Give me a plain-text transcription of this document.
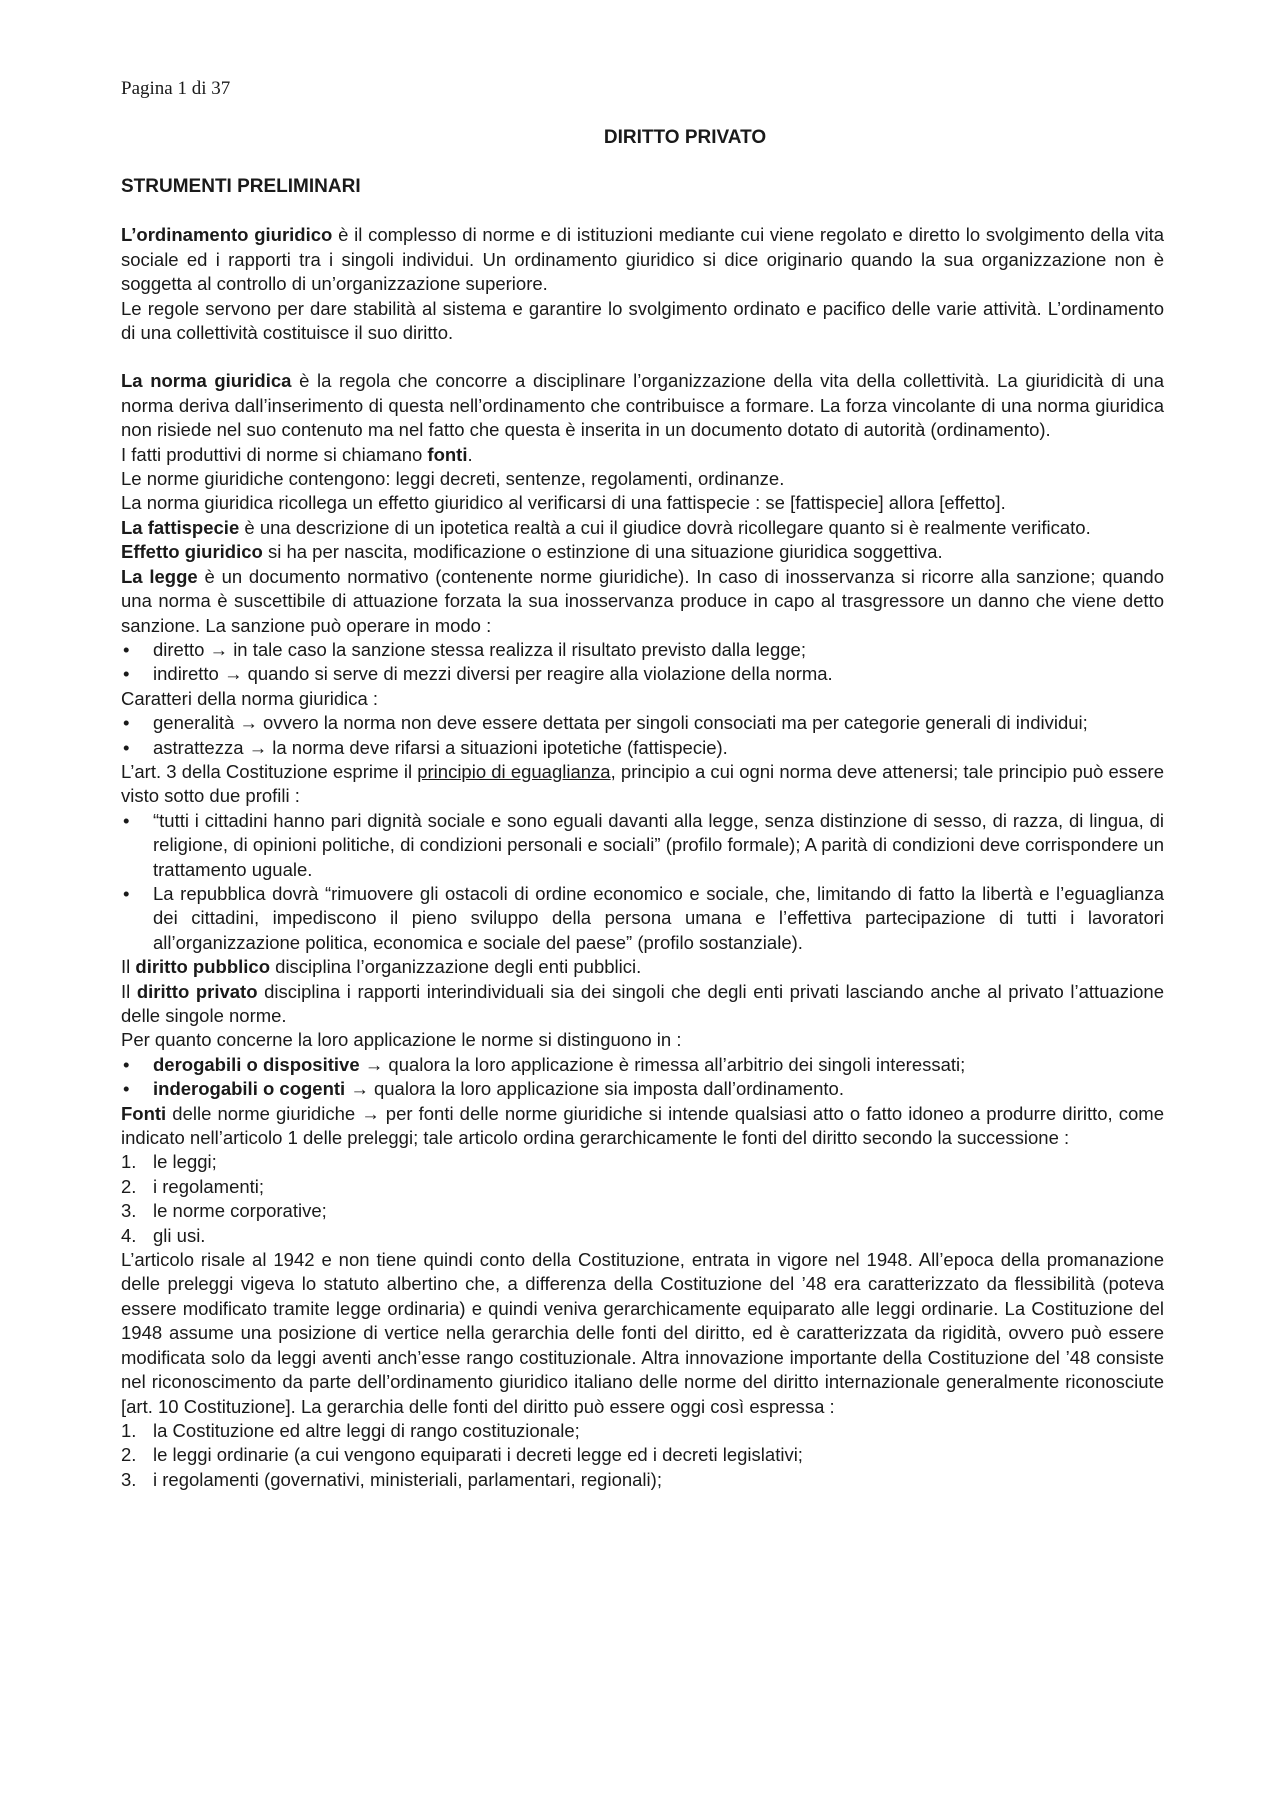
Pagina 1 di 37
DIRITTO PRIVATO
STRUMENTI PRELIMINARI

L’ordinamento giuridico è il complesso di norme e di istituzioni mediante cui viene regolato e diretto lo svolgimento della vita sociale ed i rapporti tra i singoli individui. Un ordinamento giuridico si dice originario quando la sua organizzazione non è soggetta al controllo di un’organizzazione superiore.

Le regole servono per dare stabilità al sistema e garantire lo svolgimento ordinato e pacifico delle varie attività. L’ordinamento di una collettività costituisce il suo diritto.

La norma giuridica è la regola che concorre a disciplinare l’organizzazione della vita della collettività. La giuridicità di una norma deriva dall’inserimento di questa nell’ordinamento che contribuisce a formare. La forza vincolante di una norma giuridica non risiede nel suo contenuto ma nel fatto che questa è inserita in un documento dotato di autorità (ordinamento).

I fatti produttivi di norme si chiamano fonti.

Le norme giuridiche contengono: leggi decreti, sentenze, regolamenti, ordinanze.

La norma giuridica ricollega un effetto giuridico al verificarsi di una fattispecie : se [fattispecie] allora [effetto].

La fattispecie è una descrizione di un ipotetica realtà a cui il giudice dovrà ricollegare quanto si è realmente verificato.

Effetto giuridico si ha per nascita, modificazione o estinzione di una situazione giuridica soggettiva.

La legge è un documento normativo (contenente norme giuridiche). In caso di inosservanza si ricorre alla sanzione; quando una norma è suscettibile di attuazione forzata la sua inosservanza produce in capo al trasgressore un danno che viene detto sanzione. La sanzione può operare in modo :

• diretto → in tale caso la sanzione stessa realizza il risultato previsto dalla legge;
• indiretto → quando si serve di mezzi diversi per reagire alla violazione della norma.

Caratteri della norma giuridica :

• generalità → ovvero la norma non deve essere dettata per singoli consociati ma per categorie generali di individui;
• astrattezza → la norma deve rifarsi a situazioni ipotetiche (fattispecie).

L’art. 3 della Costituzione esprime il principio di eguaglianza, principio a cui ogni norma deve attenersi; tale principio può essere visto sotto due profili :

• “tutti i cittadini hanno pari dignità sociale e sono eguali davanti alla legge, senza distinzione di sesso, di razza, di lingua, di religione, di opinioni politiche, di condizioni personali e sociali” (profilo formale); A parità di condizioni deve corrispondere un trattamento uguale.
• La repubblica dovrà “rimuovere gli ostacoli di ordine economico e sociale, che, limitando di fatto la libertà e l’eguaglianza dei cittadini, impediscono il pieno sviluppo della persona umana e l’effettiva partecipazione di tutti i lavoratori all’organizzazione politica, economica e sociale del paese” (profilo sostanziale).

Il diritto pubblico disciplina l’organizzazione degli enti pubblici.

Il diritto privato disciplina i rapporti interindividuali sia dei singoli che degli enti privati lasciando anche al privato l’attuazione delle singole norme.

Per quanto concerne la loro applicazione le norme si distinguono in :

• derogabili o dispositive → qualora la loro applicazione è rimessa all’arbitrio dei singoli interessati;
• inderogabili o cogenti → qualora la loro applicazione sia imposta dall’ordinamento.

Fonti delle norme giuridiche → per fonti delle norme giuridiche si intende qualsiasi atto o fatto idoneo a produrre diritto, come indicato nell’articolo 1 delle preleggi; tale articolo ordina gerarchicamente le fonti del diritto secondo la successione :

1. le leggi;
2. i regolamenti;
3. le norme corporative;
4. gli usi.

L’articolo risale al 1942 e non tiene quindi conto della Costituzione, entrata in vigore nel 1948. All’epoca della promanazione delle preleggi vigeva lo statuto albertino che, a differenza della Costituzione del ’48 era caratterizzato da flessibilità (poteva essere modificato tramite legge ordinaria) e quindi veniva gerarchicamente equiparato alle leggi ordinarie. La Costituzione del 1948 assume una posizione di vertice nella gerarchia delle fonti del diritto, ed è caratterizzata da rigidità, ovvero può essere modificata solo da leggi aventi anch’esse rango costituzionale. Altra innovazione importante della Costituzione del ’48 consiste nel riconoscimento da parte dell’ordinamento giuridico italiano delle norme del diritto internazionale generalmente riconosciute [art. 10 Costituzione]. La gerarchia delle fonti del diritto può essere oggi così espressa :

1. la Costituzione ed altre leggi di rango costituzionale;
2. le leggi ordinarie (a cui vengono equiparati i decreti legge ed i decreti legislativi;
3. i regolamenti (governativi, ministeriali, parlamentari, regionali);
